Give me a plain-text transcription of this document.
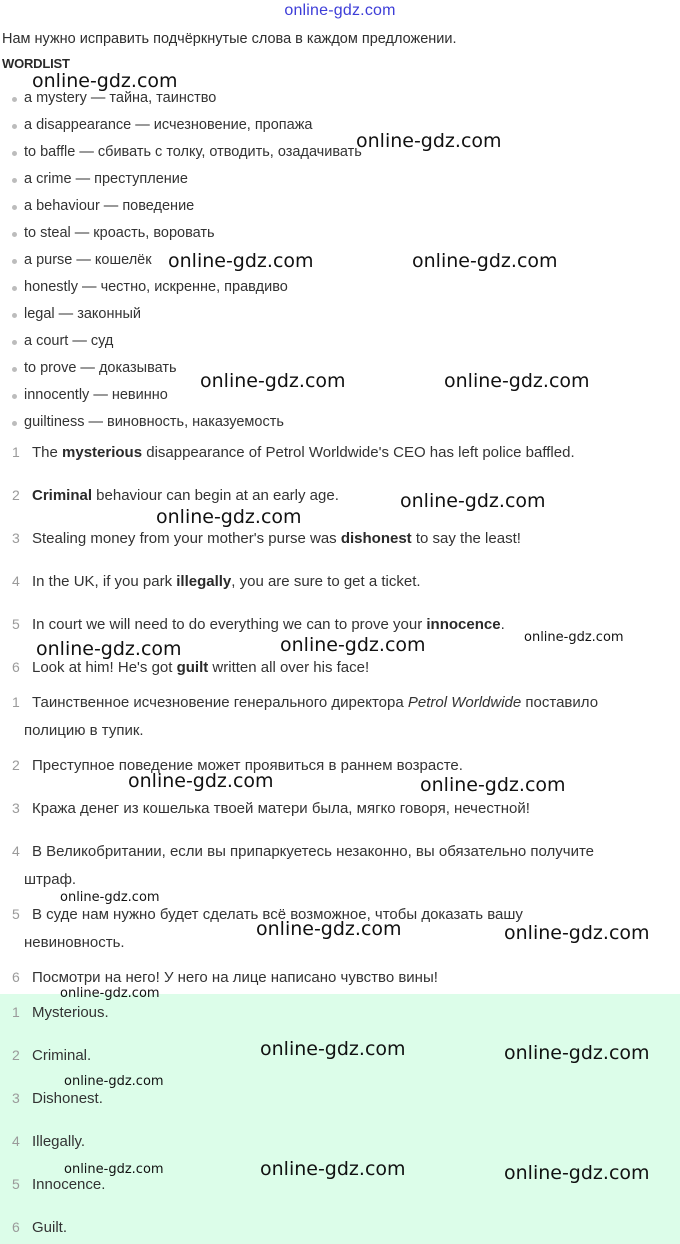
online-gdz.com
Нам нужно исправить подчёркнутые слова в каждом предложении.
WORDLIST
a mystery — тайна, таинство
a disappearance — исчезновение, пропажа
to baffle — сбивать с толку, отводить, озадачивать
a crime — преступление
a behaviour — поведение
to steal — кроасть, воровать
a purse — кошелёк
honestly — честно, искренне, правдиво
legal — законный
a court — суд
to prove — доказывать
innocently — невинно
guiltiness — виновность, наказуемость
1 The mysterious disappearance of Petrol Worldwide's CEO has left police baffled.
2 Criminal behaviour can begin at an early age.
3 Stealing money from your mother's purse was dishonest to say the least!
4 In the UK, if you park illegally, you are sure to get a ticket.
5 In court we will need to do everything we can to prove your innocence.
6 Look at him! He's got guilt written all over his face!
1 Таинственное исчезновение генерального директора Petrol Worldwide поставило
полицию в тупик.
2 Преступное поведение может проявиться в раннем возрасте.
3 Кража денег из кошелька твоей матери была, мягко говоря, нечестной!
4 В Великобритании, если вы припаркуетесь незаконно, вы обязательно получите
штраф.
5 В суде нам нужно будет сделать всё возможное, чтобы доказать вашу
невиновность.
6 Посмотри на него! У него на лице написано чувство вины!
1 Mysterious.
2 Criminal.
3 Dishonest.
4 Illegally.
5 Innocence.
6 Guilt.
online-gdz.com
online-gdz.com
online-gdz.com	online-gdz.com
online-gdz.com	online-gdz.com
online-gdz.com
online-gdz.com
online-gdz.com	online-gdz.com	online-gdz.com
online-gdz.com	online-gdz.com
online-gdz.com
online-gdz.com	online-gdz.com
online-gdz.com
online-gdz.com	online-gdz.com
online-gdz.com
online-gdz.com	online-gdz.com	online-gdz.com
